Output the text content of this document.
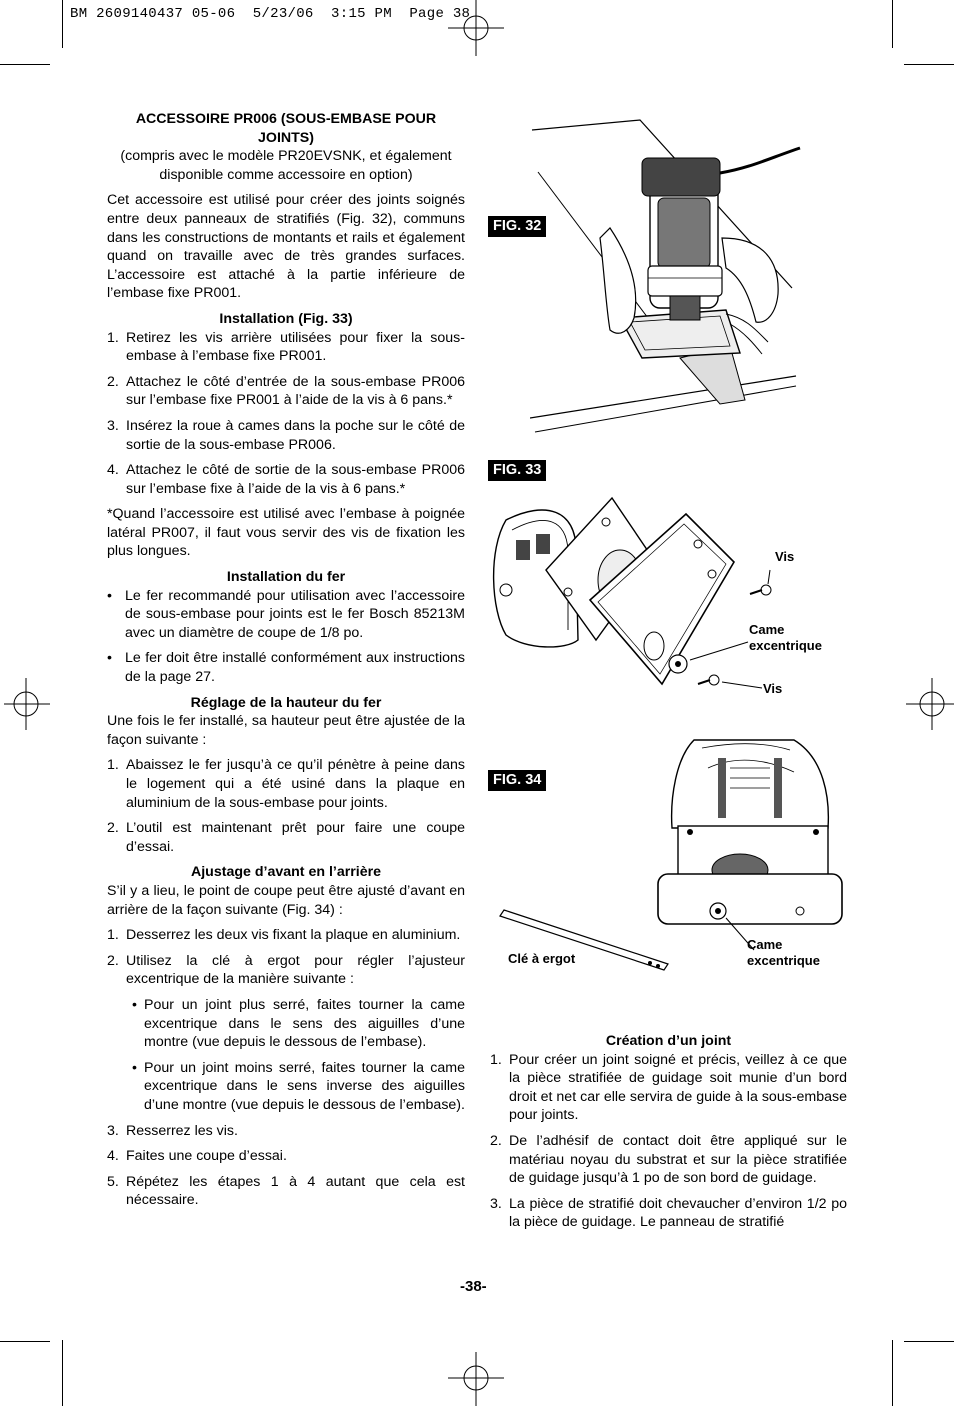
BM 2609140437 05-06  5/23/06  3:15 PM  Page 38
ACCESSOIRE PR006 (SOUS-EMBASE POUR JOINTS)
(compris avec le modèle PR20EVSNK, et également disponible comme accessoire en option)

Cet accessoire est utilisé pour créer des joints soignés entre deux panneaux de stratifiés (Fig. 32), communs dans les constructions de montants et rails et également quand on travaille avec de très grandes surfaces. L’accessoire est attaché à la partie inférieure de l’embase fixe PR001.

Installation (Fig. 33)
1. Retirez les vis arrière utilisées pour fixer la sous-embase à l’embase fixe PR001.
2. Attachez le côté d’entrée de la sous-embase PR006 sur l’embase fixe PR001 à l’aide de la vis à 6 pans.*
3. Insérez la roue à cames dans la poche sur le côté de sortie de la sous-embase PR006.
4. Attachez le côté de sortie de la sous-embase PR006 sur l’embase fixe à l’aide de la vis à 6 pans.*

*Quand l’accessoire est utilisé avec l’embase à poignée latéral PR007, il faut vous servir des vis de fixation les plus longues.

Installation du fer
• Le fer recommandé pour utilisation avec l’accessoire de sous-embase pour joints est le fer Bosch 85213M avec un diamètre de coupe de 1/8 po.
• Le fer doit être installé conformément aux instructions de la page 27.
Réglage de la hauteur du fer

Une fois le fer installé, sa hauteur peut être ajustée de la façon suivante :

1. Abaissez le fer jusqu’à ce qu’il pénètre à peine dans le logement qui a été usiné dans la plaque en aluminium de la sous-embase pour joints.
2. L’outil est maintenant prêt pour faire une coupe d’essai.
Ajustage d’avant en l’arrière

S’il y a lieu, le point de coupe peut être ajusté d’avant en arrière de la façon suivante (Fig. 34) :

1. Desserrez les deux vis fixant la plaque en aluminium.
2. Utilisez la clé à ergot pour régler l’ajusteur excentrique de la manière suivante :
• Pour un joint plus serré, faites tourner la came excentrique dans le sens des aiguilles d’une montre (vue depuis le dessous de l’embase).
• Pour un joint moins serré, faites tourner la came excentrique dans le sens inverse des aiguilles d’une montre (vue depuis le dessous de l’embase).
3. Resserrez les vis.
4. Faites une coupe d’essai.
5. Répétez les étapes 1 à 4 autant que cela est nécessaire.
FIG. 32
FIG. 33
Vis
Came
excentrique
Vis
FIG. 34
Clé à ergot
Came
excentrique
Création d’un joint
1. Pour créer un joint soigné et précis, veillez à ce que la pièce stratifiée de guidage soit munie d’un bord droit et net car elle servira de guide à la sous-embase pour joints.
2. De l’adhésif de contact doit être appliqué sur le matériau noyau du substrat et sur la pièce stratifiée de guidage jusqu’à 1 po de son bord de guidage.
3. La pièce de stratifié doit chevaucher d’environ 1/2 po la pièce de guidage. Le panneau de stratifié
-38-
